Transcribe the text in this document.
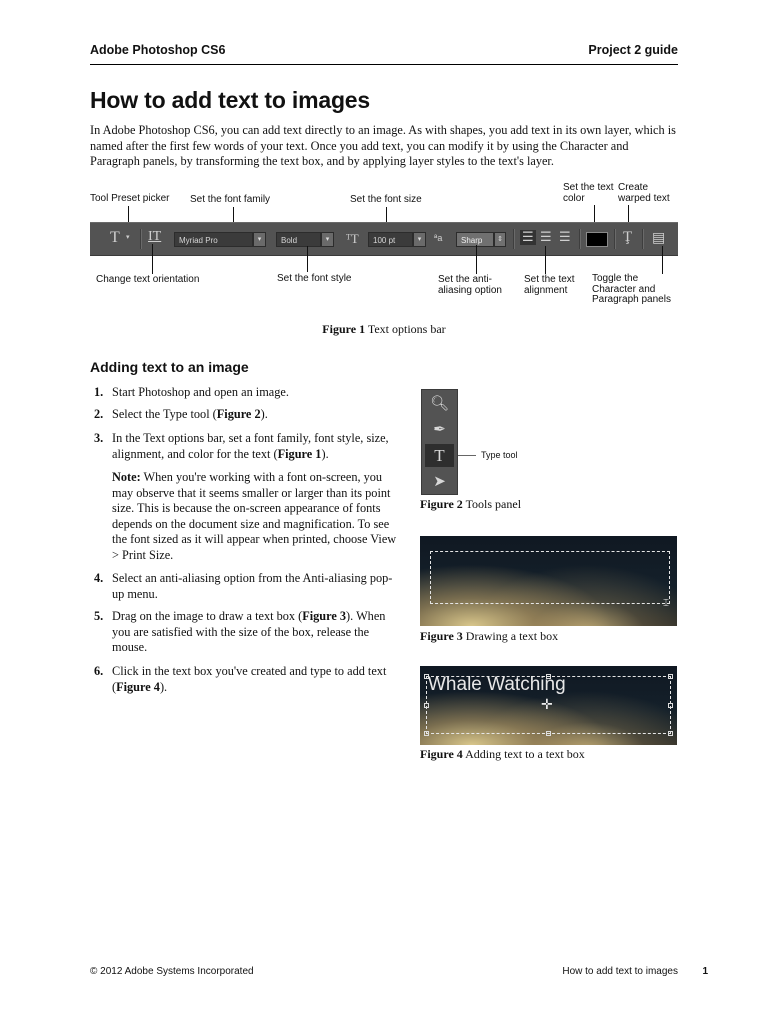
Adobe Photoshop CS6	Project 2 guide
How to add text to images
In Adobe Photoshop CS6, you can add text directly to an image. As with shapes, you add text in its own layer, which is named after the first few words of your text. Once you add text, you can modify it by using the Character and Paragraph panels, by transforming the text box, and by applying layer styles to the text's layer.
Tool Preset picker Set the font family	Set the font size
Set the text
color
Create
warped text
T ▾ IT	Myriad Pro	▾	Bold	▾	ᵀT	100 pt	▾	ªa	Sharp	⇕ ☰ ☰ ☰	Ţ ▤
Change text orientation	Set the font style	Set the anti-
aliasing option
Set the text
alignment
Toggle the
Character and
Paragraph panels
Figure 1 Text options bar
Adding text to an image
1. Start Photoshop and open an image.
2. Select the Type tool (Figure 2).
3. In the Text options bar, set a font family, font style, size, alignment, and color for the text (Figure 1).
Note: When you're working with a font on-screen, you may observe that it seems smaller or larger than its point size. This is because the on-screen appearance of fonts depends on the document size and magnification. To see the font sized as it will appear when printed, choose View > Print Size.
4. Select an anti-aliasing option from the Anti-aliasing pop-up menu.
5. Drag on the image to draw a text box (Figure 3). When you are satisfied with the size of the box, release the mouse.
6. Click in the text box you've created and type to add text (Figure 4).
🔍︎
✒
T
➤
Type tool
Figure 2 Tools panel
⌶
Figure 3 Drawing a text box
Whale Watching
✛
Figure 4 Adding text to a text box
© 2012 Adobe Systems Incorporated	How to add text to images 1
